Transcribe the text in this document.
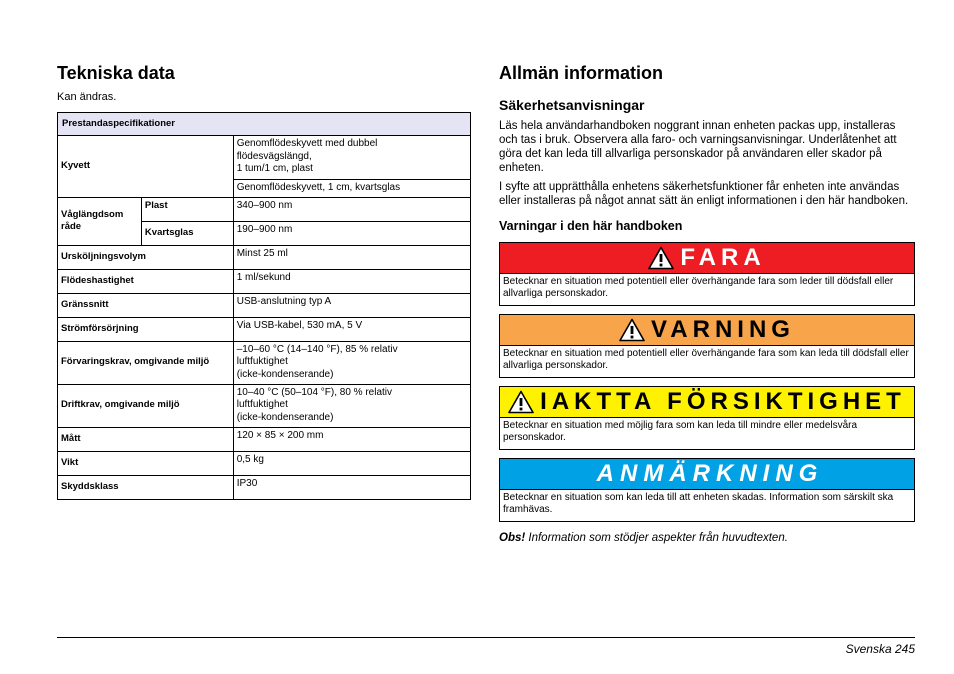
Tekniska data
Kan ändras.
Prestandaspecifikationer		
Kyvett		Genomflödeskyvett med dubbel
flödesvägslängd,
1 tum/1 cm, plast

		Genomflödeskyvett, 1 cm, kvartsglas
Våglängdsom råde	Plast	340–900 nm
	Kvartsglas	190–900 nm
Ursköljningsvolym		Minst 25 ml
Flödeshastighet		1 ml/sekund
Gränssnitt		USB-anslutning typ A
Strömförsörjning		Via USB-kabel, 530 mA, 5 V
Förvaringskrav, omgivande miljö		–10–60 °C (14–140 °F), 85 % relativ
luftfuktighet
(icke-kondenserande)

Driftkrav, omgivande miljö		10–40 °C (50–104 °F), 80 % relativ
luftfuktighet
(icke-kondenserande)

Mått		120 × 85 × 200 mm
Vikt		0,5 kg
Skyddsklass		IP30
Allmän information
Säkerhetsanvisningar

Läs hela användarhandboken noggrant innan enheten packas upp, installeras och tas i bruk. Observera alla faro- och varningsanvisningar. Underlåtenhet att göra det kan leda till allvarliga personskador på användaren eller skador på enheten.

I syfte att upprätthålla enhetens säkerhetsfunktioner får enheten inte användas eller installeras på något annat sätt än enligt informationen i den här handboken.

Varningar i den här handboken
FARA
Betecknar en situation med potentiell eller överhängande fara som leder till dödsfall eller allvarliga personskador.
VARNING
Betecknar en situation med potentiell eller överhängande fara som kan leda till dödsfall eller allvarliga personskador.
IAKTTA FÖRSIKTIGHET
Betecknar en situation med möjlig fara som kan leda till mindre eller medelsvåra personskador.
ANMÄRKNING
Betecknar en situation som kan leda till att enheten skadas. Information som särskilt ska framhävas.

Obs! Information som stödjer aspekter från huvudtexten.

Svenska 245
